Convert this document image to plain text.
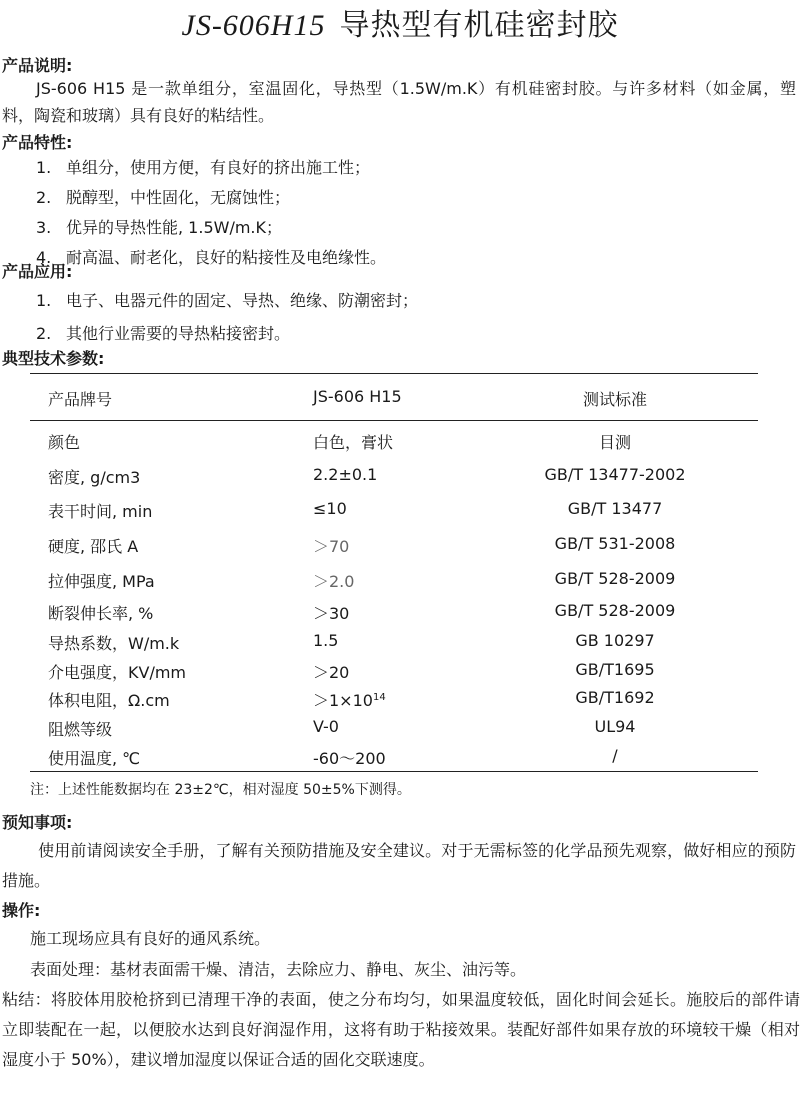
JS-606H15 导热型有机硅密封胶
产品说明:
JS-606 H15 是一款单组分，室温固化，导热型（1.5W/m.K）有机硅密封胶。与许多材料（如金属，塑料，陶瓷和玻璃）具有良好的粘结性。
产品特性:
1. 单组分，使用方便，有良好的挤出施工性；
2. 脱醇型，中性固化，无腐蚀性；
3. 优异的导热性能, 1.5W/m.K；
4. 耐高温、耐老化，良好的粘接性及电绝缘性。
产品应用:
1. 电子、电器元件的固定、导热、绝缘、防潮密封；
2. 其他行业需要的导热粘接密封。
典型技术参数:
产品牌号	JS-606 H15	测试标准
颜色	白色，膏状	目测
密度, g/cm3	2.2±0.1	GB/T 13477-2002
表干时间, min	≤10	GB/T 13477
硬度, 邵氏 A	＞70	GB/T 531-2008
拉伸强度, MPa	＞2.0	GB/T 528-2009
断裂伸长率, %	＞30	GB/T 528-2009
导热系数，W/m.k	1.5	GB 10297
介电强度，KV/mm	＞20	GB/T1695
体积电阻，Ω.cm	$>1\times 10^{14}$	GB/T1692
阻燃等级	V-0	UL94
使用温度, ℃	-60～200	/
注：上述性能数据均在 23±2℃，相对湿度 50±5%下测得。
预知事项:
使用前请阅读安全手册，了解有关预防措施及安全建议。对于无需标签的化学品预先观察，做好相应的预防措施。
操作:
施工现场应具有良好的通风系统。
表面处理：基材表面需干燥、清洁，去除应力、静电、灰尘、油污等。
粘结：将胶体用胶枪挤到已清理干净的表面，使之分布均匀，如果温度较低，固化时间会延长。施胶后的部件请立即装配在一起，以便胶水达到良好润湿作用，这将有助于粘接效果。装配好部件如果存放的环境较干燥（相对湿度小于 50%），建议增加湿度以保证合适的固化交联速度。
